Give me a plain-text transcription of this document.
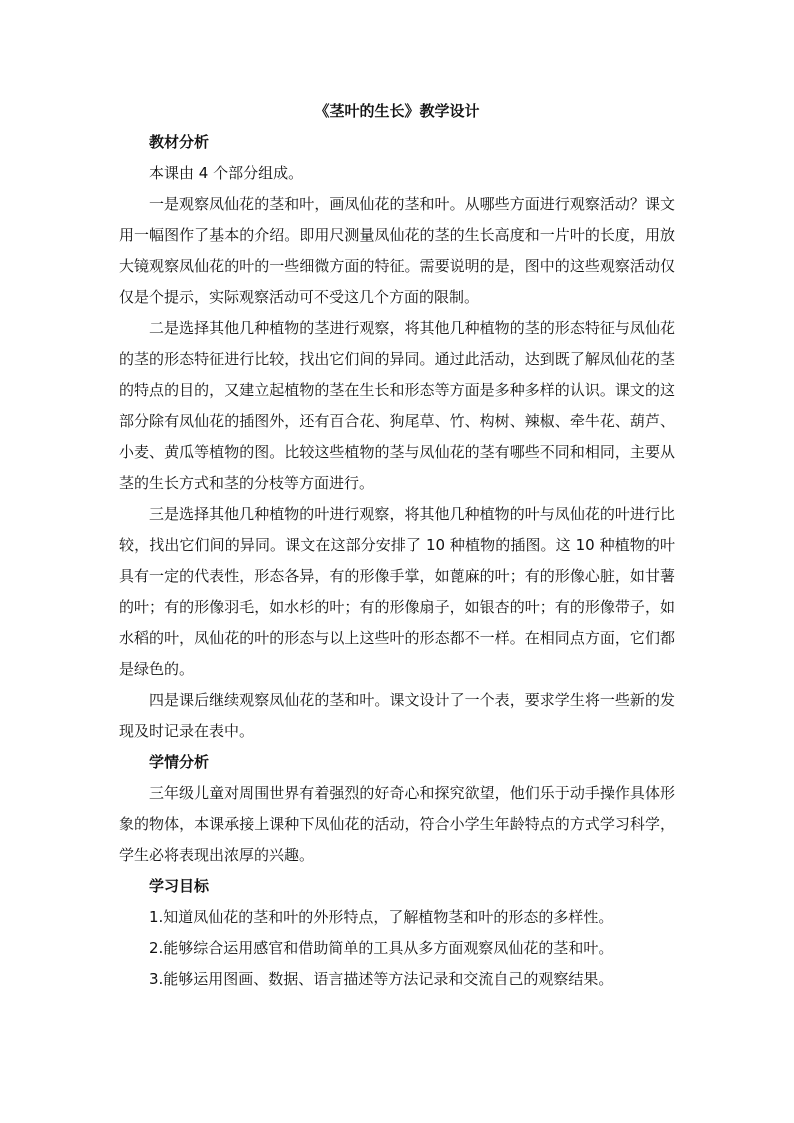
《茎叶的生长》教学设计

教材分析

本课由 4 个部分组成。

一是观察凤仙花的茎和叶，画凤仙花的茎和叶。从哪些方面进行观察活动？课文用一幅图作了基本的介绍。即用尺测量凤仙花的茎的生长高度和一片叶的长度，用放大镜观察凤仙花的叶的一些细微方面的特征。需要说明的是，图中的这些观察活动仅仅是个提示，实际观察活动可不受这几个方面的限制。

二是选择其他几种植物的茎进行观察，将其他几种植物的茎的形态特征与凤仙花的茎的形态特征进行比较，找出它们间的异同。通过此活动，达到既了解凤仙花的茎的特点的目的，又建立起植物的茎在生长和形态等方面是多种多样的认识。课文的这部分除有凤仙花的插图外，还有百合花、狗尾草、竹、构树、辣椒、牵牛花、葫芦、小麦、黄瓜等植物的图。比较这些植物的茎与凤仙花的茎有哪些不同和相同，主要从茎的生长方式和茎的分枝等方面进行。

三是选择其他几种植物的叶进行观察，将其他几种植物的叶与凤仙花的叶进行比较，找出它们间的异同。课文在这部分安排了 10 种植物的插图。这 10 种植物的叶具有一定的代表性，形态各异，有的形像手掌，如蓖麻的叶；有的形像心脏，如甘薯的叶；有的形像羽毛，如水杉的叶；有的形像扇子，如银杏的叶；有的形像带子，如水稻的叶，凤仙花的叶的形态与以上这些叶的形态都不一样。在相同点方面，它们都是绿色的。

四是课后继续观察凤仙花的茎和叶。课文设计了一个表，要求学生将一些新的发现及时记录在表中。

学情分析

三年级儿童对周围世界有着强烈的好奇心和探究欲望，他们乐于动手操作具体形象的物体，本课承接上课种下凤仙花的活动，符合小学生年龄特点的方式学习科学，学生必将表现出浓厚的兴趣。

学习目标

1.知道凤仙花的茎和叶的外形特点，了解植物茎和叶的形态的多样性。

2.能够综合运用感官和借助简单的工具从多方面观察凤仙花的茎和叶。

3.能够运用图画、数据、语言描述等方法记录和交流自己的观察结果。
